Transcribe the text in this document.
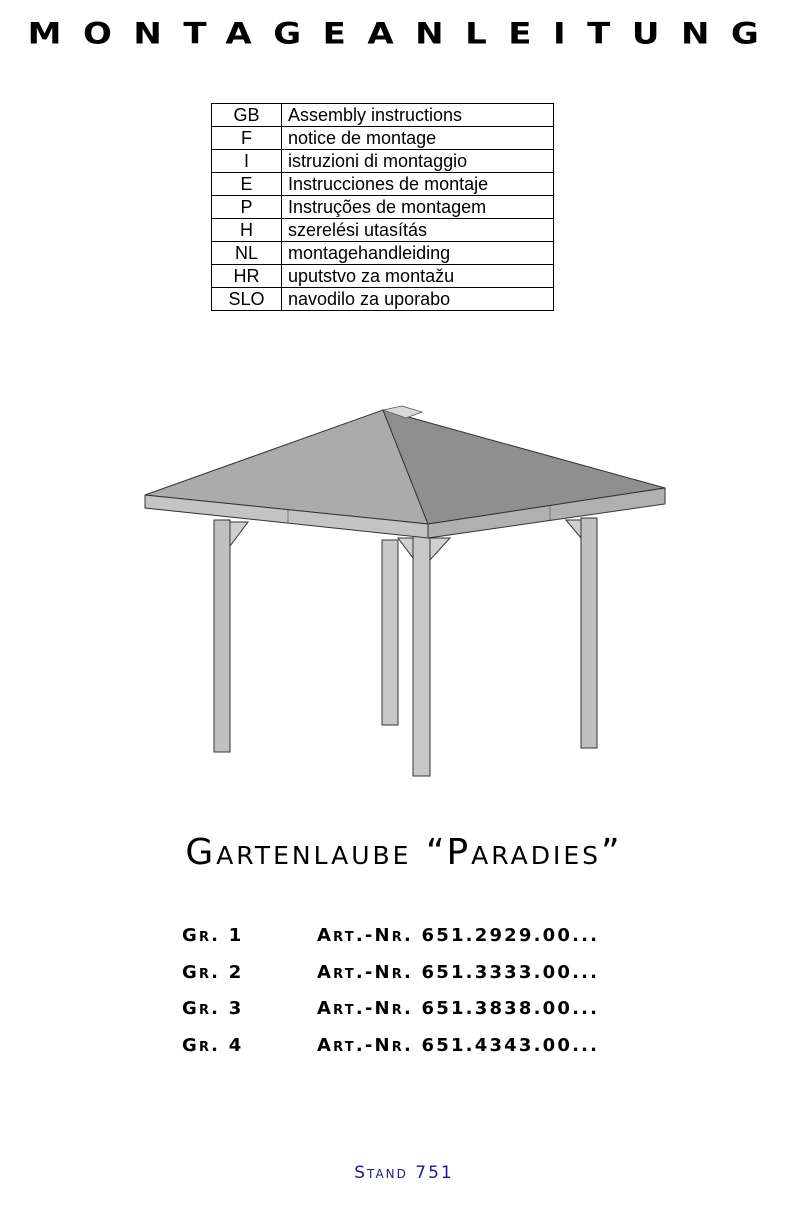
MONTAGEANLEITUNG
GB	Assembly instructions
F	notice de montage
I	istruzioni di montaggio
E	Instrucciones de montaje
P	Instruções de montagem
H	szerelési utasítás
NL	montagehandleiding
HR	uputstvo za montažu
SLO	navodilo za uporabo
Gartenlaube “Paradies”
Gr. 1	Art.-Nr. 651.2929.00...
Gr. 2	Art.-Nr. 651.3333.00...
Gr. 3	Art.-Nr. 651.3838.00...
Gr. 4	Art.-Nr. 651.4343.00...
Stand 751
